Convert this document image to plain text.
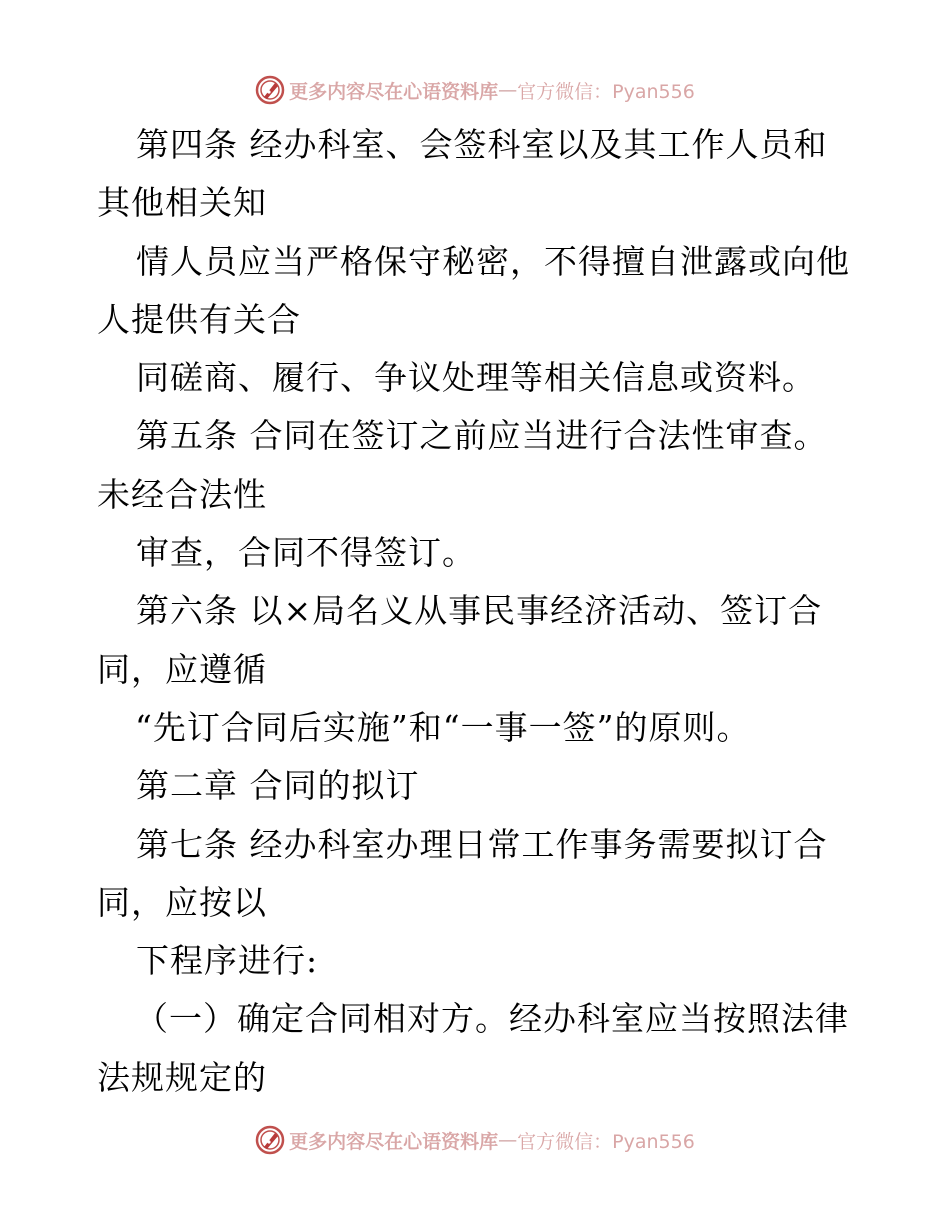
更多内容尽在心语资料库 — 官方微信：Pyan556
第四条 经办科室、会签科室以及其工作人员和
其他相关知
情人员应当严格保守秘密，不得擅自泄露或向他
人提供有关合
同磋商、履行、争议处理等相关信息或资料。
第五条 合同在签订之前应当进行合法性审查。
未经合法性
审查，合同不得签订。
第六条 以×局名义从事民事经济活动、签订合
同，应遵循
“先订合同后实施”和“一事一签”的原则。
第二章 合同的拟订
第七条 经办科室办理日常工作事务需要拟订合
同，应按以
下程序进行:
（一）确定合同相对方。经办科室应当按照法律
法规规定的
更多内容尽在心语资料库 — 官方微信：Pyan556
